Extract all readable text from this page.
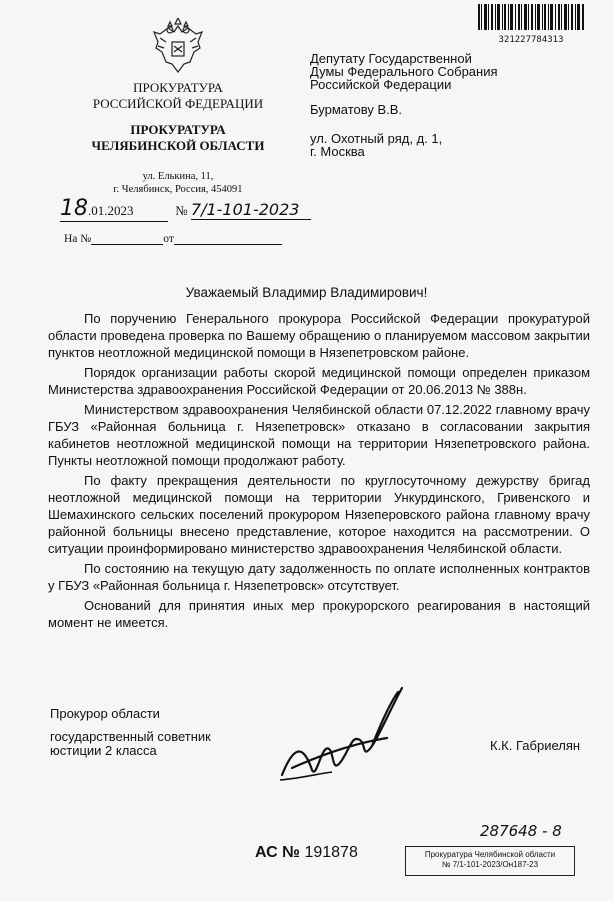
321227784313
ПРОКУРАТУРА
РОССИЙСКОЙ ФЕДЕРАЦИИ
ПРОКУРАТУРА
ЧЕЛЯБИНСКОЙ ОБЛАСТИ
ул. Елькина, 11,
г. Челябинск, Россия, 454091
18.01.2023	№ 7/1-101-2023
На №	от
Депутату Государственной
Думы Федерального Собрания
Российской Федерации
Бурматову В.В.
ул. Охотный ряд, д. 1,
г. Москва
Уважаемый Владимир Владимирович!

По поручению Генерального прокурора Российской Федерации прокуратурой области проведена проверка по Вашему обращению о планируемом массовом закрытии пунктов неотложной медицинской помощи в Нязепетровском районе.

Порядок организации работы скорой медицинской помощи определен приказом Министерства здравоохранения Российской Федерации от 20.06.2013 № 388н.

Министерством здравоохранения Челябинской области 07.12.2022 главному врачу ГБУЗ «Районная больница г. Нязепетровск» отказано в согласовании закрытия кабинетов неотложной медицинской помощи на территории Нязепетровского района. Пункты неотложной помощи продолжают работу.

По факту прекращения деятельности по круглосуточному дежурству бригад неотложной медицинской помощи на территории Ункурдинского, Гривенского и Шемахинского сельских поселений прокурором Нязеперовского района главному врачу районной больницы внесено представление, которое находится на рассмотрении. О ситуации проинформировано министерство здравоохранения Челябинской области.

По состоянию на текущую дату задолженность по оплате исполненных контрактов у ГБУЗ «Районная больница г. Нязепетровск» отсутствует.

Оснований для принятия иных мер прокурорского реагирования в настоящий момент не имеется.

Прокурор области
государственный советник
юстиции 2 класса	К.К. Габриелян
АС № 191878
287648 - 8
Прокуратура Челябинской области
№ 7/1-101-2023/Он187-23
